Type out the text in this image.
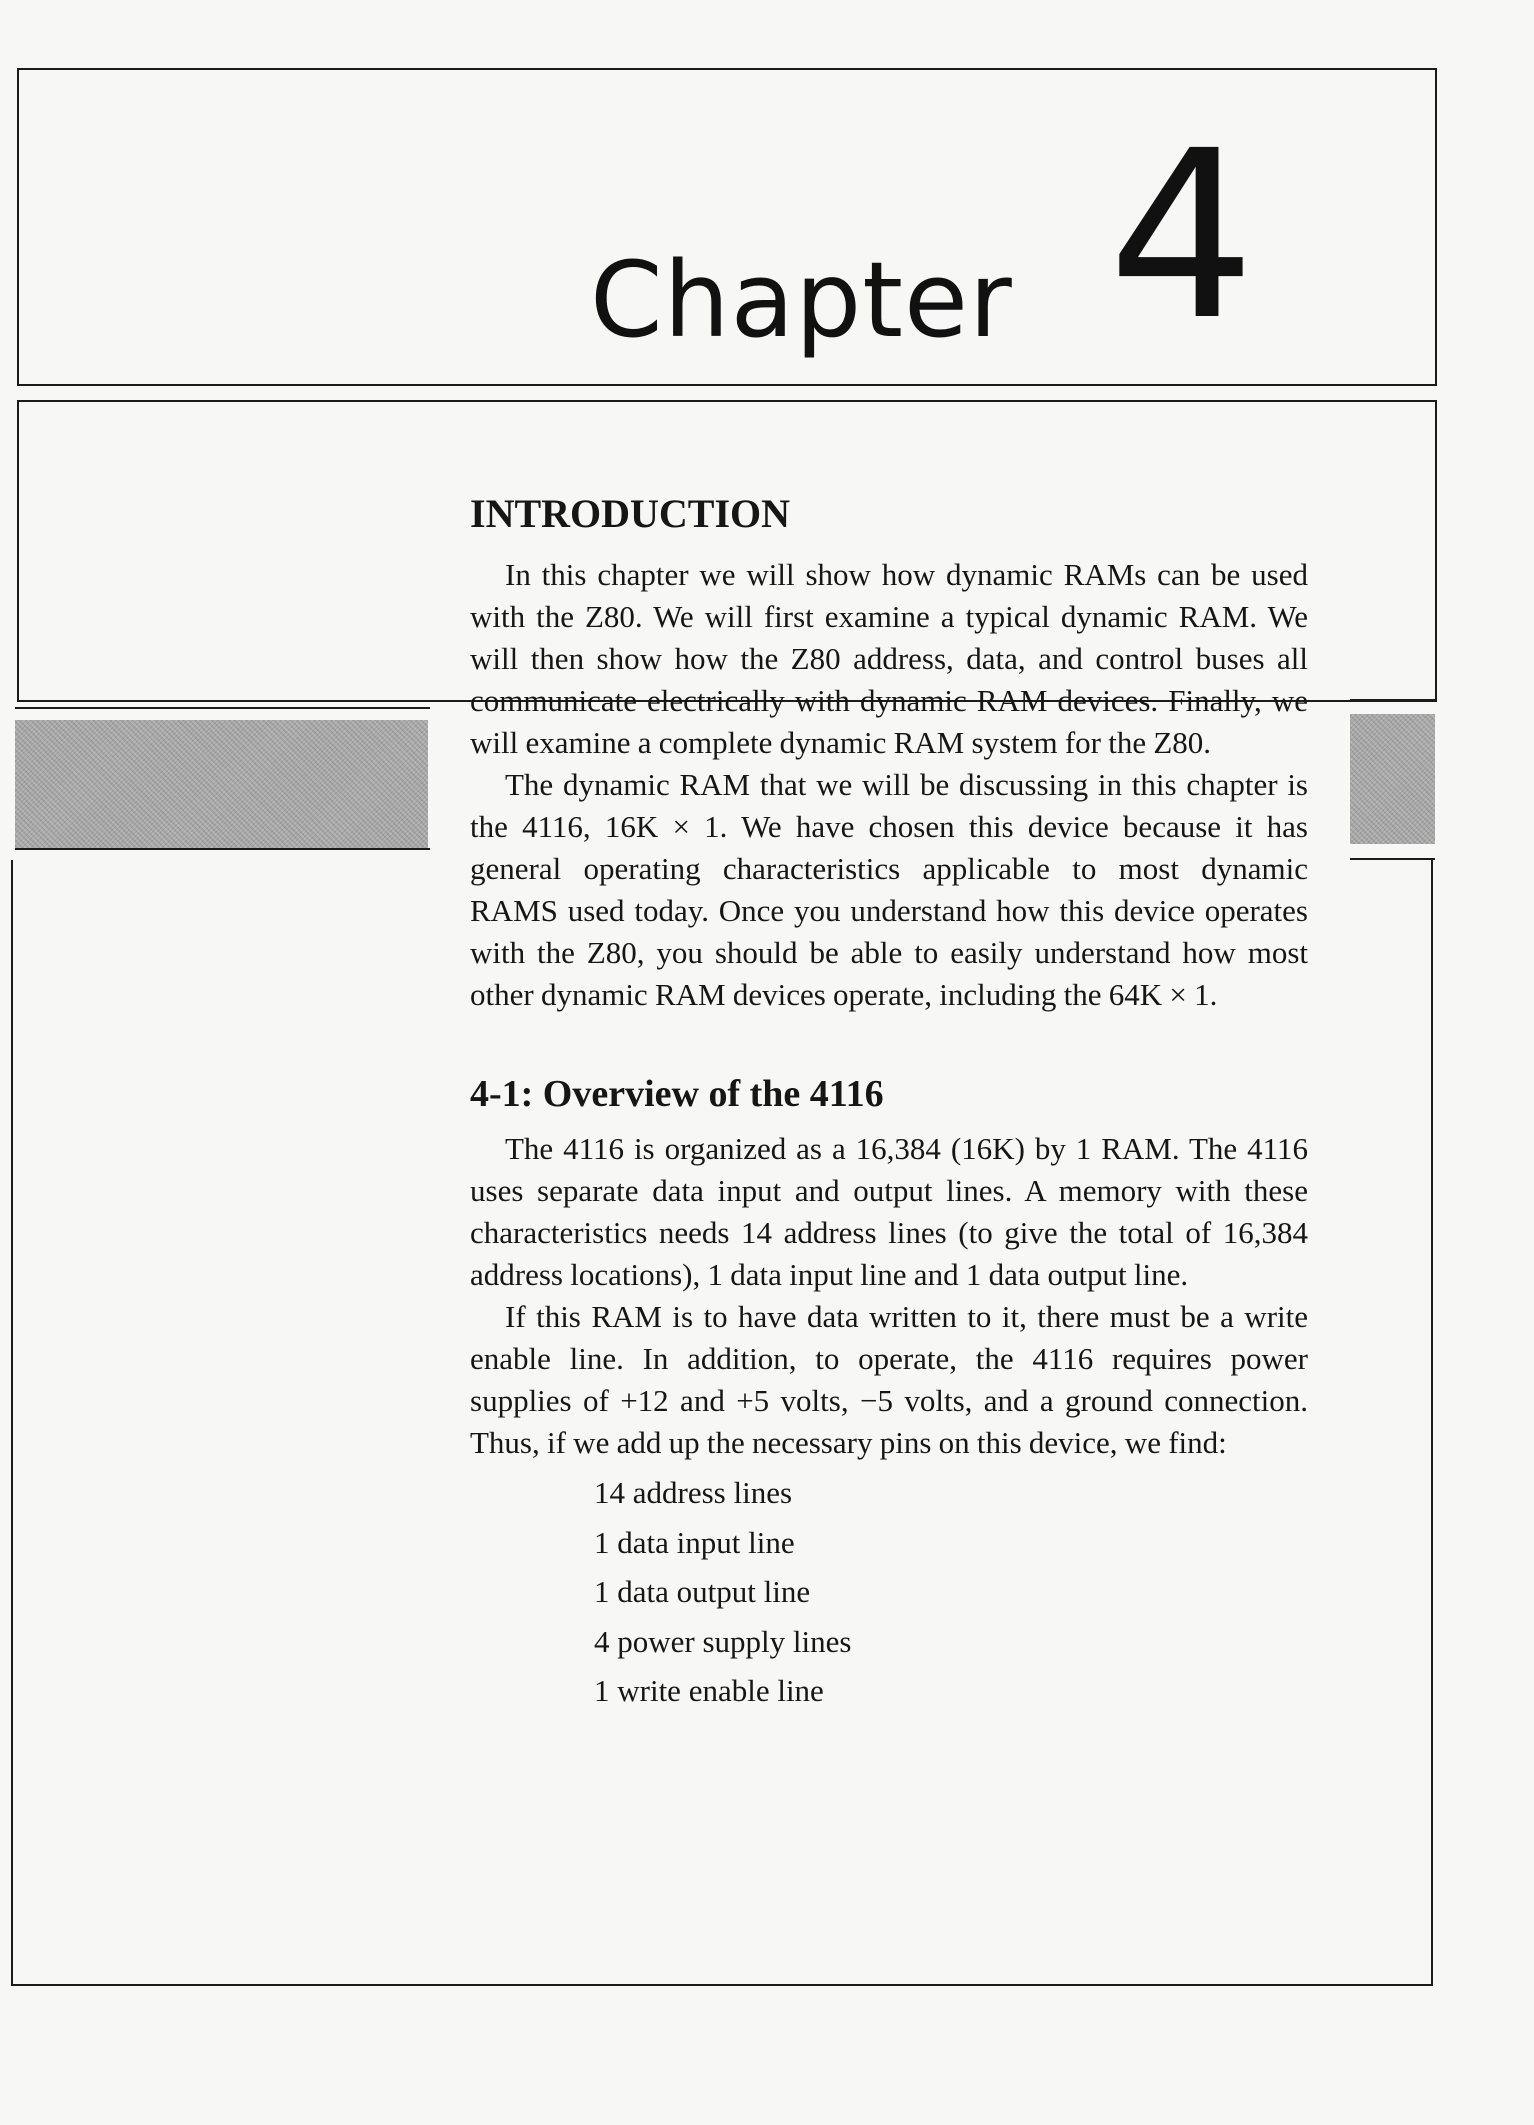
Chapter 4
INTRODUCTION

In this chapter we will show how dynamic RAMs can be used with the Z80. We will first examine a typical dynamic RAM. We will then show how the Z80 address, data, and control buses all communicate electrically with dynamic RAM devices. Finally, we will examine a complete dynamic RAM system for the Z80.

The dynamic RAM that we will be discussing in this chapter is the 4116, 16K × 1. We have chosen this device because it has general operating characteristics applicable to most dynamic RAMS used today. Once you understand how this device operates with the Z80, you should be able to easily understand how most other dynamic RAM devices operate, including the 64K × 1.

4-1: Overview of the 4116

The 4116 is organized as a 16,384 (16K) by 1 RAM. The 4116 uses separate data input and output lines. A memory with these characteristics needs 14 address lines (to give the total of 16,384 address locations), 1 data input line and 1 data output line.

If this RAM is to have data written to it, there must be a write enable line. In addition, to operate, the 4116 requires power supplies of +12 and +5 volts, −5 volts, and a ground connection. Thus, if we add up the necessary pins on this device, we find:

14 address lines
1 data input line
1 data output line
4 power supply lines
1 write enable line
